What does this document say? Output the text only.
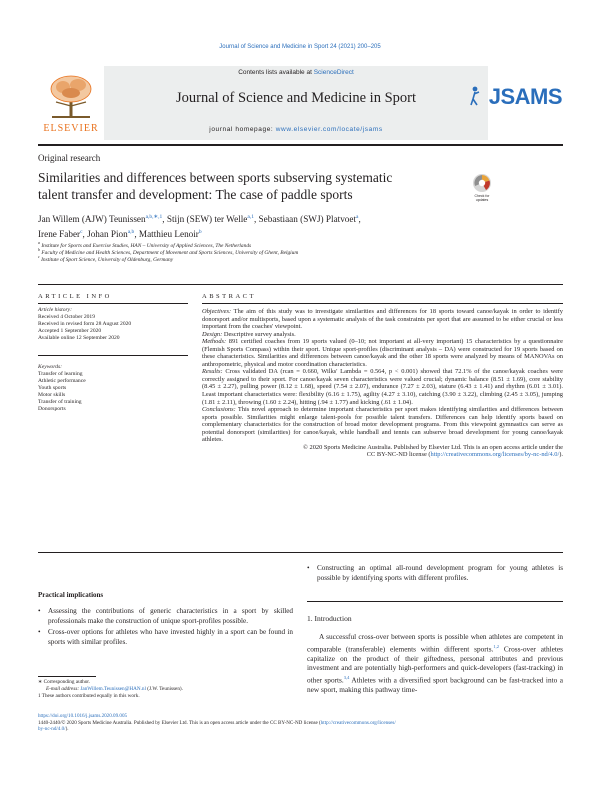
Journal of Science and Medicine in Sport 24 (2021) 200–205
ELSEVIER
Contents lists available at ScienceDirect
Journal of Science and Medicine in Sport
journal homepage: www.elsevier.com/locate/jsams
JSAMS
Original research
Similarities and differences between sports subserving systematic
talent transfer and development: The case of paddle sports	Check for
updates
Jan Willem (AJW) Teunissen$^{a,b,∗,1}$, Stijn (SEW) ter Welle$^{a,1}$, Sebastiaan (SWJ) Platvoet$^a$,
Irene Faber$^c$, Johan Pion$^{a,b}$, Matthieu Lenoir$^b$
$^a$ Institute for Sports and Exercise Studies, HAN – University of Applied Sciences, The Netherlands
$^b$ Faculty of Medicine and Health Sciences, Department of Movement and Sports Sciences, University of Ghent, Belgium
$^c$ Institute of Sport Science, University of Oldenburg, Germany
ARTICLE INFO
Article history:
Received 4 October 2019
Received in revised form 28 August 2020
Accepted 1 September 2020
Available online 12 September 2020
Keywords:
Transfer of learning
Athletic performance
Youth sports
Motor skills
Transfer of training
Donorsports
ABSTRACT

Objectives: The aim of this study was to investigate similarities and differences for 18 sports toward canoe/kayak in order to identify donorsport and/or multisports, based upon a systematic analysis of the task constraints per sport that are assumed to be either crucial or less important from the coaches' viewpoint.

Design: Descriptive survey analysis.

Methods: 891 certified coaches from 19 sports valued (0–10; not important at all-very important) 15 characteristics by a questionnaire (Flemish Sports Compass) within their sport. Unique sport-profiles (discriminant analysis – DA) were constructed for 19 sports based on these characteristics. Similarities and differences between canoe/kayak and the other 18 sports were analyzed by means of MANOVAs on anthropometric, physical and motor coordination characteristics.

Results: Cross validated DA (rcan = 0.660, Wilks' Lambda = 0.564, p < 0.001) showed that 72.1% of the canoe/kayak coaches were correctly assigned to their sport. For canoe/kayak seven characteristics were valued crucial; dynamic balance (8.51 ± 1.69), core stability (8.45 ± 2.27), pulling power (8.12 ± 1.68), speed (7.54 ± 2.07), endurance (7.27 ± 2.03), stature (6.43 ± 1.41) and rhythm (6.01 ± 3.01). Least important characteristics were: flexibility (6.16 ± 1.75), agility (4.27 ± 3.10), catching (3.90 ± 3.22), climbing (2.45 ± 3.05), jumping (1.81 ± 2.11), throwing (1.60 ± 2.24), hitting (.94 ± 1.77) and kicking (.61 ± 1.04).

Conclusions: This novel approach to determine important characteristics per sport makes identifying similarities and differences between sports possible. Similarities might enlarge talent-pools for possible talent transfers. Differences can help identify sports based on complementary characteristics for the construction of broad motor development programs. From this viewpoint gymnastics can serve as potential donorsport (similarities) for canoe/kayak, while handball and tennis can subserve broad development for young canoe/kayak athletes.

© 2020 Sports Medicine Australia. Published by Elsevier Ltd. This is an open access article under the

CC BY-NC-ND license (http://creativecommons.org/licenses/by-nc-nd/4.0/).

Practical implications
• Assessing the contributions of generic characteristics in a sport by skilled professionals make the construction of unique sport-profiles possible.
• Cross-over options for athletes who have invested highly in a sport can be found in sports with similar profiles.
• Constructing an optimal all-round development program for young athletes is possible by identifying sports with different profiles.
1. Introduction
A successful cross-over between sports is possible when athletes are competent in comparable (transferable) elements within different sports.$^{1,2}$ Cross-over athletes capitalize on the product of their giftedness, personal attributes and previous investment and are potentially high-performers and quick-developers (fast-tracking) in other sports.$^{3,4}$ Athletes with a diversified sport background can be fast-tracked into a new sport, making this pathway time-
∗ Corresponding author.
E-mail address: JanWillem.Teunissen@HAN.nl (J.W. Teunissen).
1 These authors contributed equally in this work.
https://doi.org/10.1016/j.jsams.2020.09.005
1440-2440/© 2020 Sports Medicine Australia. Published by Elsevier Ltd. This is an open access article under the CC BY-NC-ND license (http://creativecommons.org/licenses/
by-nc-nd/4.0/).
